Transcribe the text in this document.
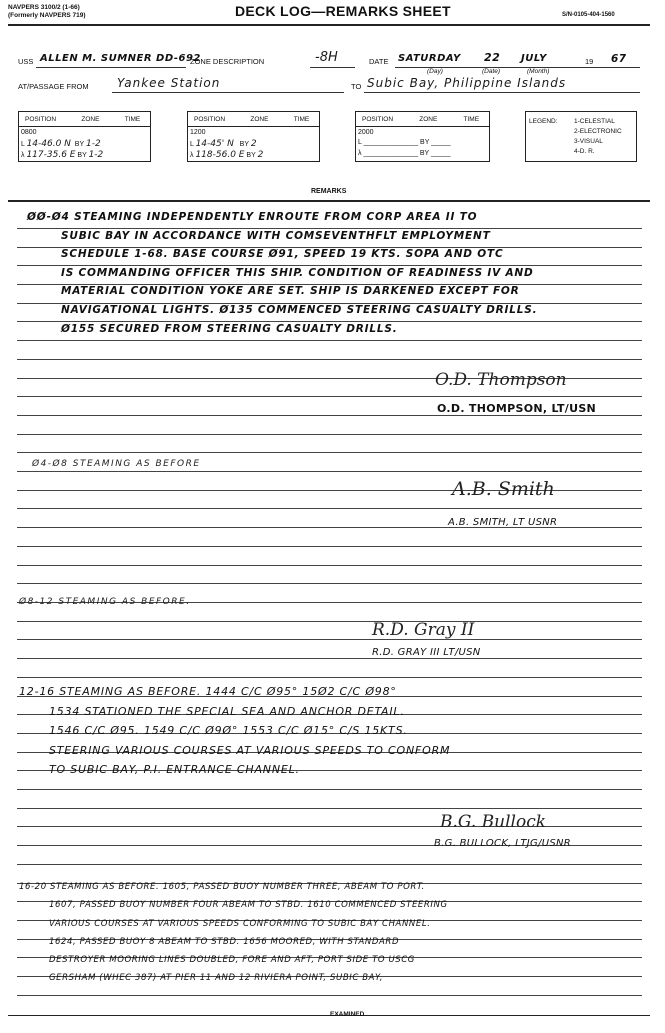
NAVPERS 3100/2 (1-66)
(Formerly NAVPERS 719)	DECK LOG—REMARKS SHEET	S/N-0105-404-1560
USS ALLEN M. SUMNER DD-692
ZONE DESCRIPTION	-8H	DATE SATURDAY 22 JULY	19 67
(Day)	(Date)	(Month)
AT/PASSAGE FROM Yankee Station	TO Subic Bay, Philippine Islands
POSITION	ZONE	TIME
0800
L 14-46.0 N  BY 1-2
λ 117-35.6 E BY 1-2
POSITION	ZONE	TIME
1200
L 14-45' N   BY 2
λ 118-56.0 E BY 2
POSITION	ZONE	TIME
2000
L ______________ BY _____
λ ______________ BY _____
LEGEND:	1-CELESTIAL
2-ELECTRONIC
3-VISUAL
4-D. R.
REMARKS
ØØ-Ø4 STEAMING INDEPENDENTLY ENROUTE FROM CORP AREA II TO
SUBIC BAY IN ACCORDANCE WITH COMSEVENTHFLT EMPLOYMENT
SCHEDULE 1-68. BASE COURSE Ø91, SPEED 19 KTS. SOPA AND OTC
IS COMMANDING OFFICER THIS SHIP. CONDITION OF READINESS IV AND
MATERIAL CONDITION YOKE ARE SET. SHIP IS DARKENED EXCEPT FOR
NAVIGATIONAL LIGHTS. Ø135 COMMENCED STEERING CASUALTY DRILLS.
Ø155 SECURED FROM STEERING CASUALTY DRILLS.
O.D. Thompson
O.D. THOMPSON, LT/USN
Ø4-Ø8 STEAMING AS BEFORE
A.B. Smith
A.B. SMITH, LT USNR
Ø8-12 STEAMING AS BEFORE.
R.D. Gray II
R.D. GRAY III LT/USN
12-16 STEAMING AS BEFORE. 1444 C/C Ø95° 15Ø2 C/C Ø98°
1534 STATIONED THE SPECIAL SEA AND ANCHOR DETAIL.
1546 C/C Ø95. 1549 C/C Ø9Ø° 1553 C/C Ø15° C/S 15KTS.
STEERING VARIOUS COURSES AT VARIOUS SPEEDS TO CONFORM
TO SUBIC BAY, P.I. ENTRANCE CHANNEL.
B.G. Bullock
B.G. BULLOCK, LTJG/USNR
16-20 STEAMING AS BEFORE. 1605, PASSED BUOY NUMBER THREE, ABEAM TO PORT.
1607, PASSED BUOY NUMBER FOUR ABEAM TO STBD. 1610 COMMENCED STEERING
VARIOUS COURSES AT VARIOUS SPEEDS CONFORMING TO SUBIC BAY CHANNEL.
1624, PASSED BUOY 8 ABEAM TO STBD. 1656 MOORED, WITH STANDARD
DESTROYER MOORING LINES DOUBLED, FORE AND AFT, PORT SIDE TO USCG
GERSHAM (WHEC 387) AT PIER 11 AND 12 RIVIERA POINT, SUBIC BAY,
EXAMINED
